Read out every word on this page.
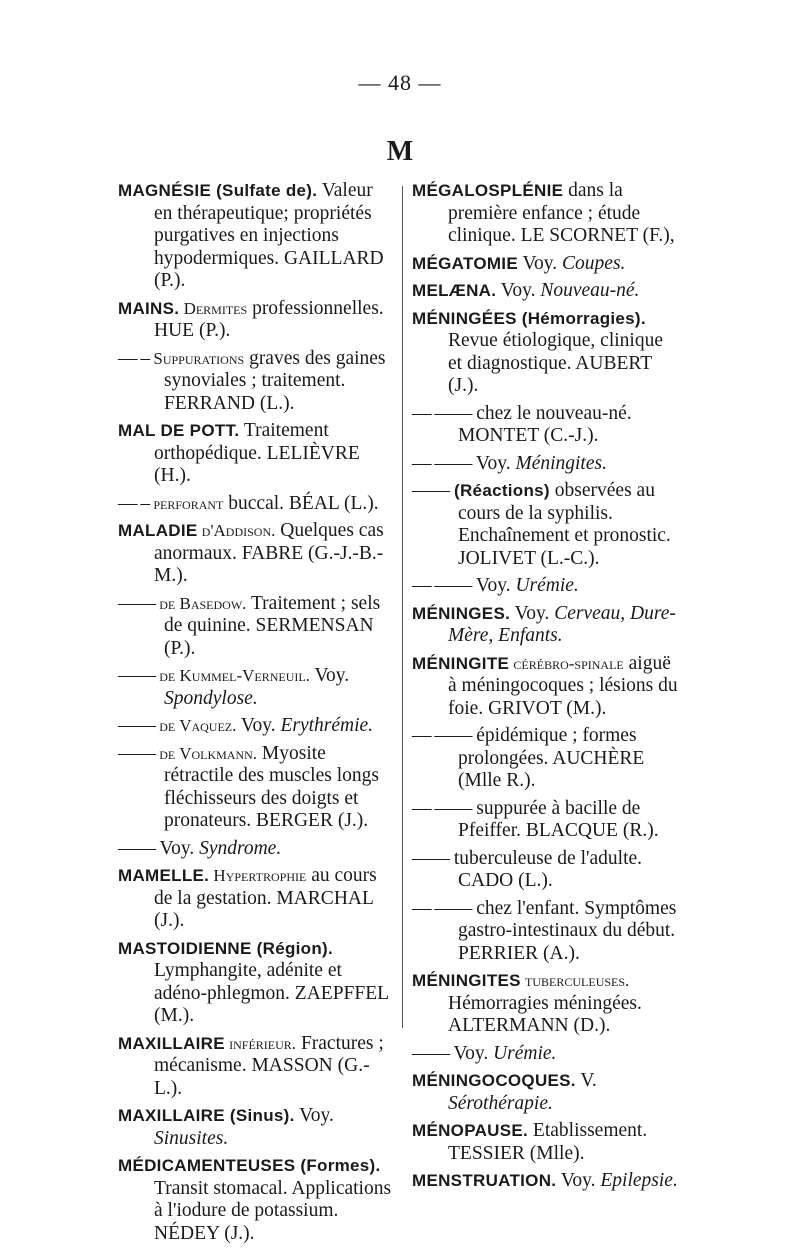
— 48 —
M

MAGNÉSIE (Sulfate de). Valeur en thérapeutique; propriétés purgatives en injections hypodermiques. GAILLARD (P.).

MAINS. Dermites professionnelles. HUE (P.).

— – Suppurations graves des gaines synoviales ; traitement. FERRAND (L.).

MAL DE POTT. Traitement orthopédique. LELIÈVRE (H.).

— – perforant buccal. BÉAL (L.).

MALADIE d'Addison. Quelques cas anormaux. FABRE (G.-J.-B.-M.).

—— de Basedow. Traitement ; sels de quinine. SERMENSAN (P.).

—— de Kummel-Verneuil. Voy. Spondylose.

—— de Vaquez. Voy. Erythrémie.

—— de Volkmann. Myosite rétractile des muscles longs fléchisseurs des doigts et pronateurs. BERGER (J.).

—— Voy. Syndrome.

MAMELLE. Hypertrophie au cours de la gestation. MARCHAL (J.).

MASTOIDIENNE (Région). Lymphangite, adénite et adéno-phlegmon. ZAEPFFEL (M.).

MAXILLAIRE inférieur. Fractures ; mécanisme. MASSON (G.-L.).

MAXILLAIRE (Sinus). Voy. Sinusites.

MÉDICAMENTEUSES (Formes). Transit stomacal. Applications à l'iodure de potassium. NÉDEY (J.).

MÉGALOSPLÉNIE dans la première enfance ; étude clinique. LE SCORNET (F.),

MÉGATOMIE Voy. Coupes.

MELÆNA. Voy. Nouveau-né.

MÉNINGÉES (Hémorragies). Revue étiologique, clinique et diagnostique. AUBERT (J.).

— —— chez le nouveau-né. MONTET (C.-J.).

— —— Voy. Méningites.

—— (Réactions) observées au cours de la syphilis. Enchaînement et pronostic. JOLIVET (L.-C.).

— —— Voy. Urémie.

MÉNINGES. Voy. Cerveau, Dure-Mère, Enfants.

MÉNINGITE cérébro-spinale aiguë à méningocoques ; lésions du foie. GRIVOT (M.).

— —— épidémique ; formes prolongées. AUCHÈRE (Mlle R.).

— —— suppurée à bacille de Pfeiffer. BLACQUE (R.).

—— tuberculeuse de l'adulte. CADO (L.).

— —— chez l'enfant. Symptômes gastro-intestinaux du début. PERRIER (A.).

MÉNINGITES tuberculeuses. Hémorragies méningées. ALTERMANN (D.).

—— Voy. Urémie.

MÉNINGOCOQUES. V. Sérothérapie.

MÉNOPAUSE. Etablissement. TESSIER (Mlle).

MENSTRUATION. Voy. Epilepsie.
